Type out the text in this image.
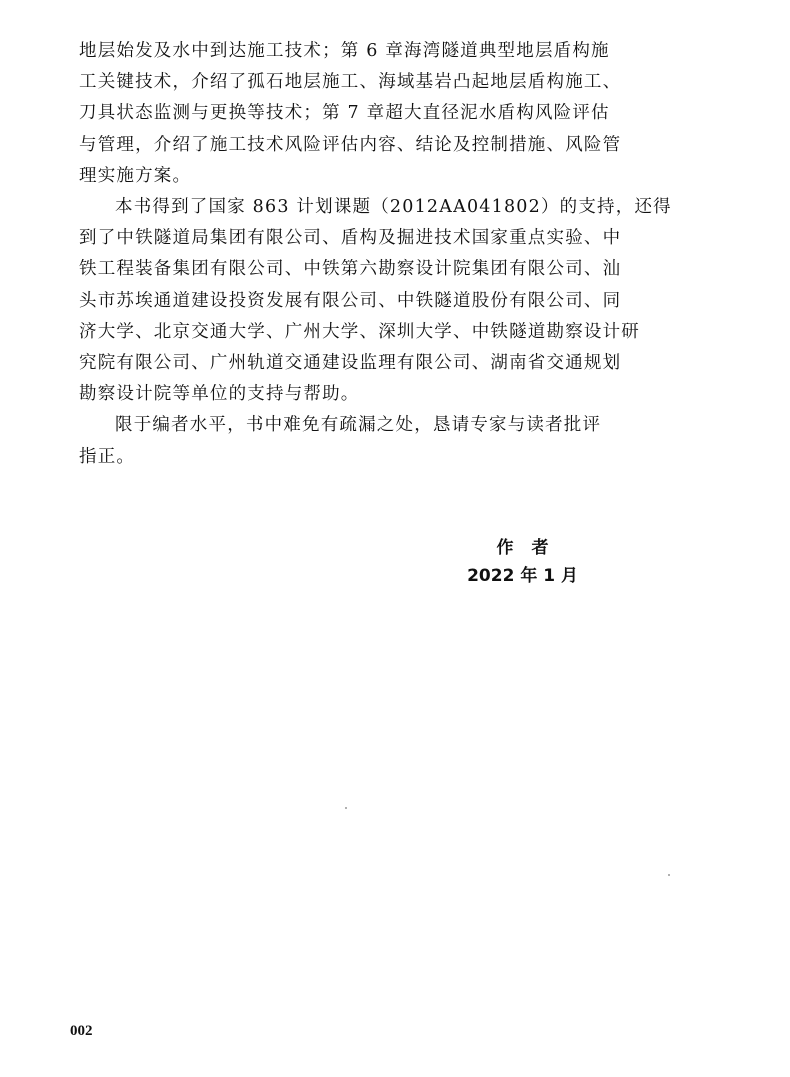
地层始发及水中到达施工技术；第 6 章海湾隧道典型地层盾构施
工关键技术，介绍了孤石地层施工、海域基岩凸起地层盾构施工、
刀具状态监测与更换等技术；第 7 章超大直径泥水盾构风险评估
与管理，介绍了施工技术风险评估内容、结论及控制措施、风险管
理实施方案。

本书得到了国家 863 计划课题（2012AA041802）的支持，还得
到了中铁隧道局集团有限公司、盾构及掘进技术国家重点实验、中
铁工程装备集团有限公司、中铁第六勘察设计院集团有限公司、汕
头市苏埃通道建设投资发展有限公司、中铁隧道股份有限公司、同
济大学、北京交通大学、广州大学、深圳大学、中铁隧道勘察设计研
究院有限公司、广州轨道交通建设监理有限公司、湖南省交通规划
勘察设计院等单位的支持与帮助。

限于编者水平，书中难免有疏漏之处，恳请专家与读者批评
指正。

作者
2022 年 1 月
002
